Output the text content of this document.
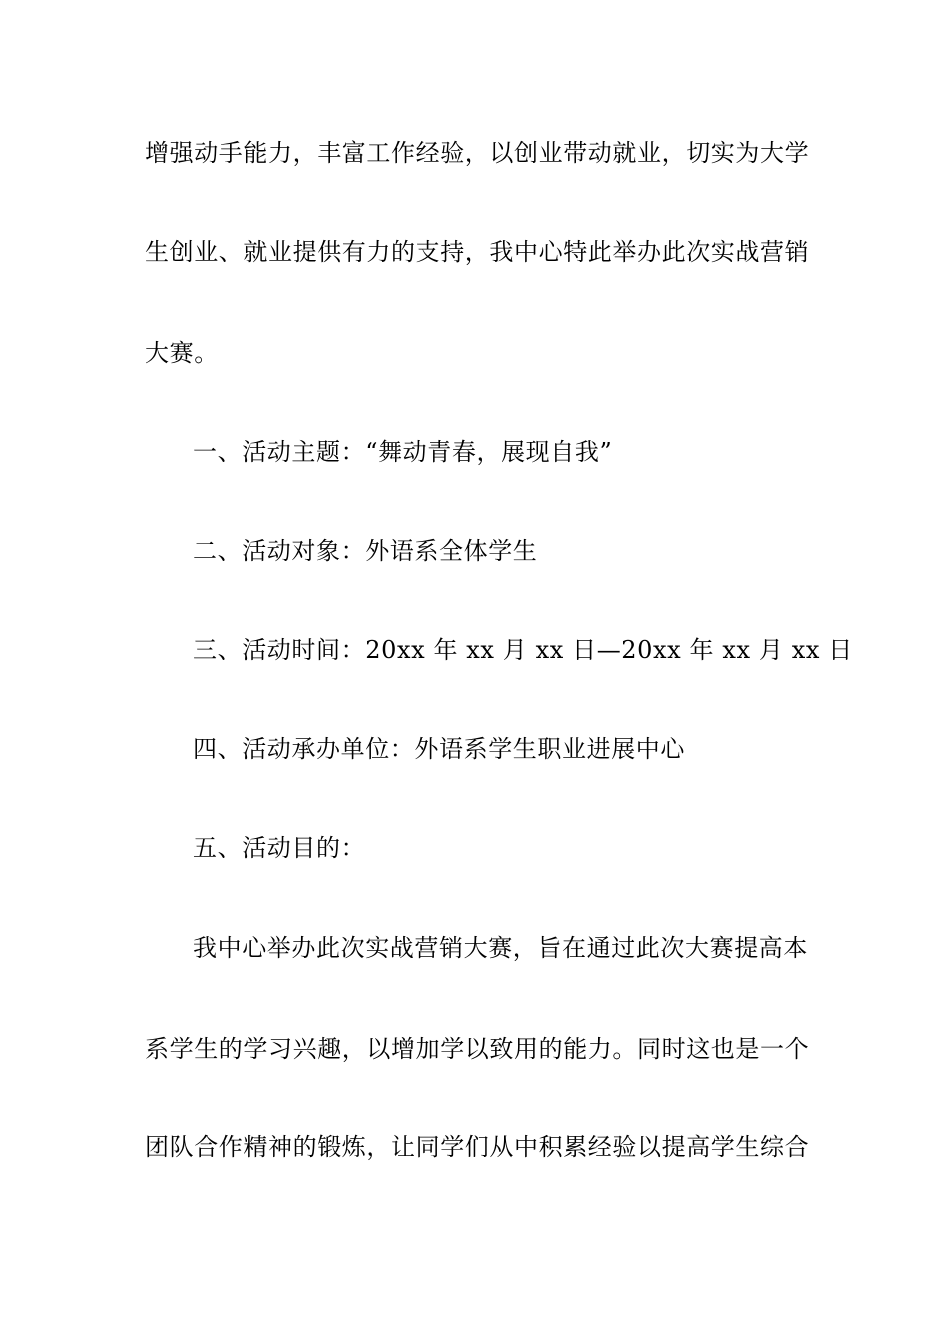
增强动手能力，丰富工作经验，以创业带动就业，切实为大学
生创业、就业提供有力的支持，我中心特此举办此次实战营销
大赛。
一、活动主题：“舞动青春，展现自我”
二、活动对象：外语系全体学生
三、活动时间：20xx 年 xx 月 xx 日—20xx 年 xx 月 xx 日
四、活动承办单位：外语系学生职业进展中心
五、活动目的：
我中心举办此次实战营销大赛，旨在通过此次大赛提高本
系学生的学习兴趣，以增加学以致用的能力。同时这也是一个
团队合作精神的锻炼，让同学们从中积累经验以提高学生综合
